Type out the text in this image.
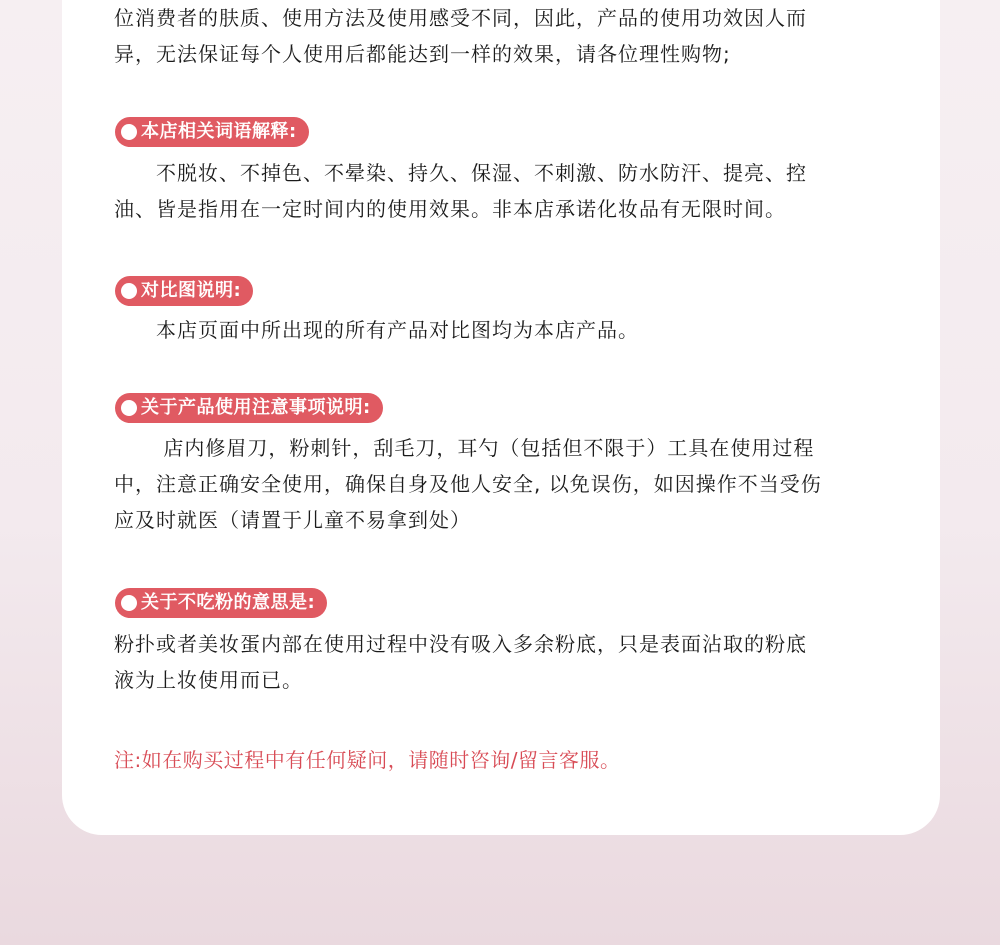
位消费者的肤质、使用方法及使用感受不同，因此，产品的使用功效因人而
异，无法保证每个人使用后都能达到一样的效果，请各位理性购物;

本店相关词语解释:

　　不脱妆、不掉色、不晕染、持久、保湿、不刺激、防水防汗、提亮、控
油、皆是指用在一定时间内的使用效果。非本店承诺化妆品有无限时间。

对比图说明:

　　本店页面中所出现的所有产品对比图均为本店产品。

关于产品使用注意事项说明:

　　 店内修眉刀，粉刺针，刮毛刀，耳勺（包括但不限于）工具在使用过程
中，注意正确安全使用，确保自身及他人安全, 以免误伤，如因操作不当受伤
应及时就医（请置于儿童不易拿到处）

关于不吃粉的意思是:

粉扑或者美妆蛋内部在使用过程中没有吸入多余粉底，只是表面沾取的粉底
液为上妆使用而已。

注:如在购买过程中有任何疑问，请随时咨询/留言客服。
